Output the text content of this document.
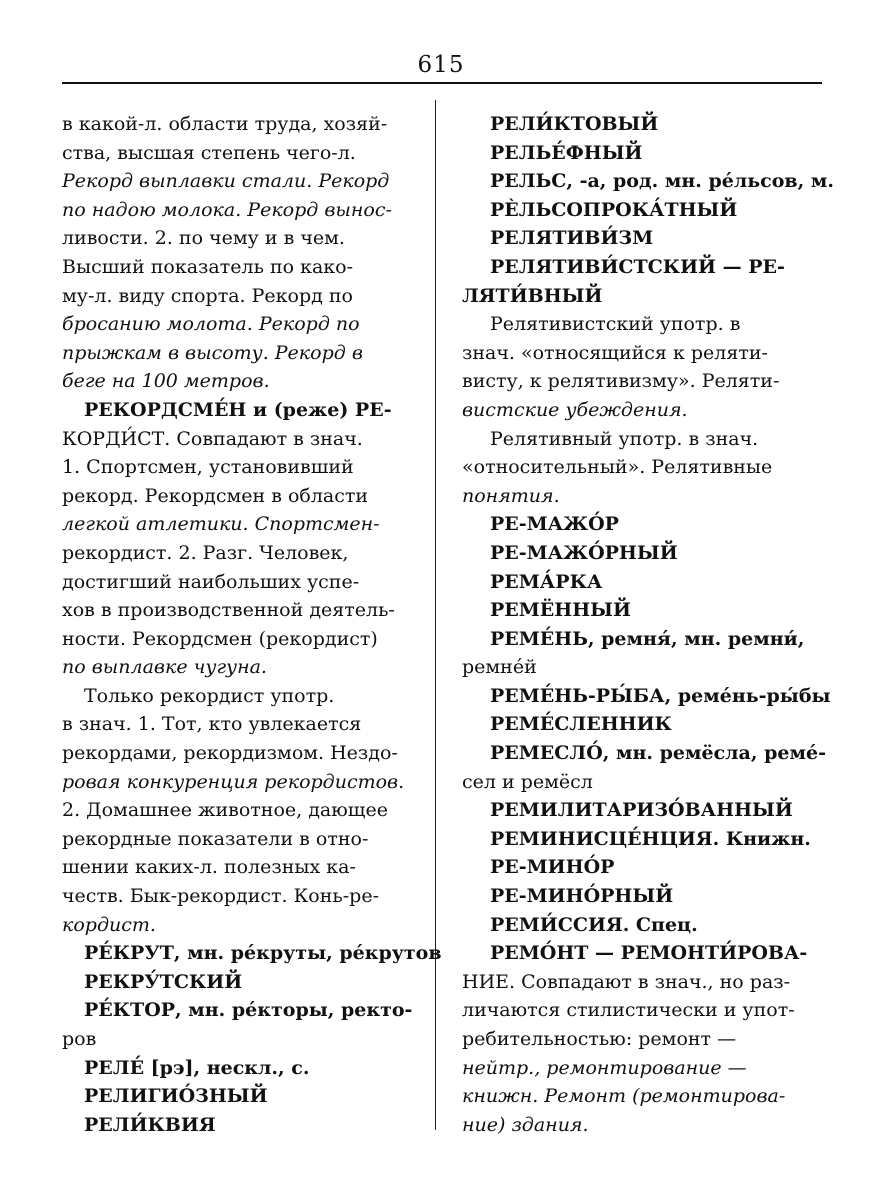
615
в какой-л. области труда, хозяй-
ства, высшая степень чего-л.
Рекорд выплавки стали. Рекорд
по надою молока. Рекорд вынос-
ливости. 2. по чему и в чем.
Высший показатель по како-
му-л. виду спорта. Рекорд по
бросанию молота. Рекорд по
прыжкам в высоту. Рекорд в
беге на 100 метров.
РЕКОРДСМЕ́Н и (реже) РЕ-
КОРДИ́СТ. Совпадают в знач.
1. Спортсмен, установивший
рекорд. Рекордсмен в области
легкой атлетики. Спортсмен-
рекордист. 2. Разг. Человек,
достигший наибольших успе-
хов в производственной деятель-
ности. Рекордсмен (рекордист)
по выплавке чугуна.
Только рекордист употр.
в знач. 1. Тот, кто увлекается
рекордами, рекордизмом. Нездо-
ровая конкуренция рекордистов.
2. Домашнее животное, дающее
рекордные показатели в отно-
шении каких-л. полезных ка-
честв. Бык-рекордист. Конь-ре-
кордист.
РЕ́КРУТ, мн. ре́круты, ре́крутов
РЕКРУ́ТСКИЙ
РЕ́КТОР, мн. ре́кторы, ректо-
ров
РЕЛЕ́ [рэ], нескл., с.
РЕЛИГИО́ЗНЫЙ
РЕЛИ́КВИЯ
РЕЛИ́КТОВЫЙ
РЕЛЬЕ́ФНЫЙ
РЕЛЬС, -а, род. мн. ре́льсов, м.
РЀЛЬСОПРОКА́ТНЫЙ
РЕЛЯТИВИ́ЗМ
РЕЛЯТИВИ́СТСКИЙ — РЕ-
ЛЯТИ́ВНЫЙ
Релятивистский употр. в
знач. «относящийся к реляти-
висту, к релятивизму». Реляти-
вистские убеждения.
Релятивный употр. в знач.
«относительный». Релятивные
понятия.
РЕ-МАЖО́Р
РЕ-МАЖО́РНЫЙ
РЕМА́РКА
РЕМЁННЫЙ
РЕМЕ́НЬ, ремня́, мн. ремни́,
ремне́й
РЕМЕ́НЬ-РЫ́БА, реме́нь-ры́бы
РЕМЕ́СЛЕННИК
РЕМЕСЛО́, мн. ремёсла, реме́-
сел и ремёсл
РЕМИЛИТАРИЗО́ВАННЫЙ
РЕМИНИСЦЕ́НЦИЯ. Книжн.
РЕ-МИНО́Р
РЕ-МИНО́РНЫЙ
РЕМИ́ССИЯ. Спец.
РЕМО́НТ — РЕМОНТИ́РОВА-
НИЕ. Совпадают в знач., но раз-
личаются стилистически и упот-
ребительностью: ремонт —
нейтр., ремонтирование —
книжн. Ремонт (ремонтирова-
ние) здания.
